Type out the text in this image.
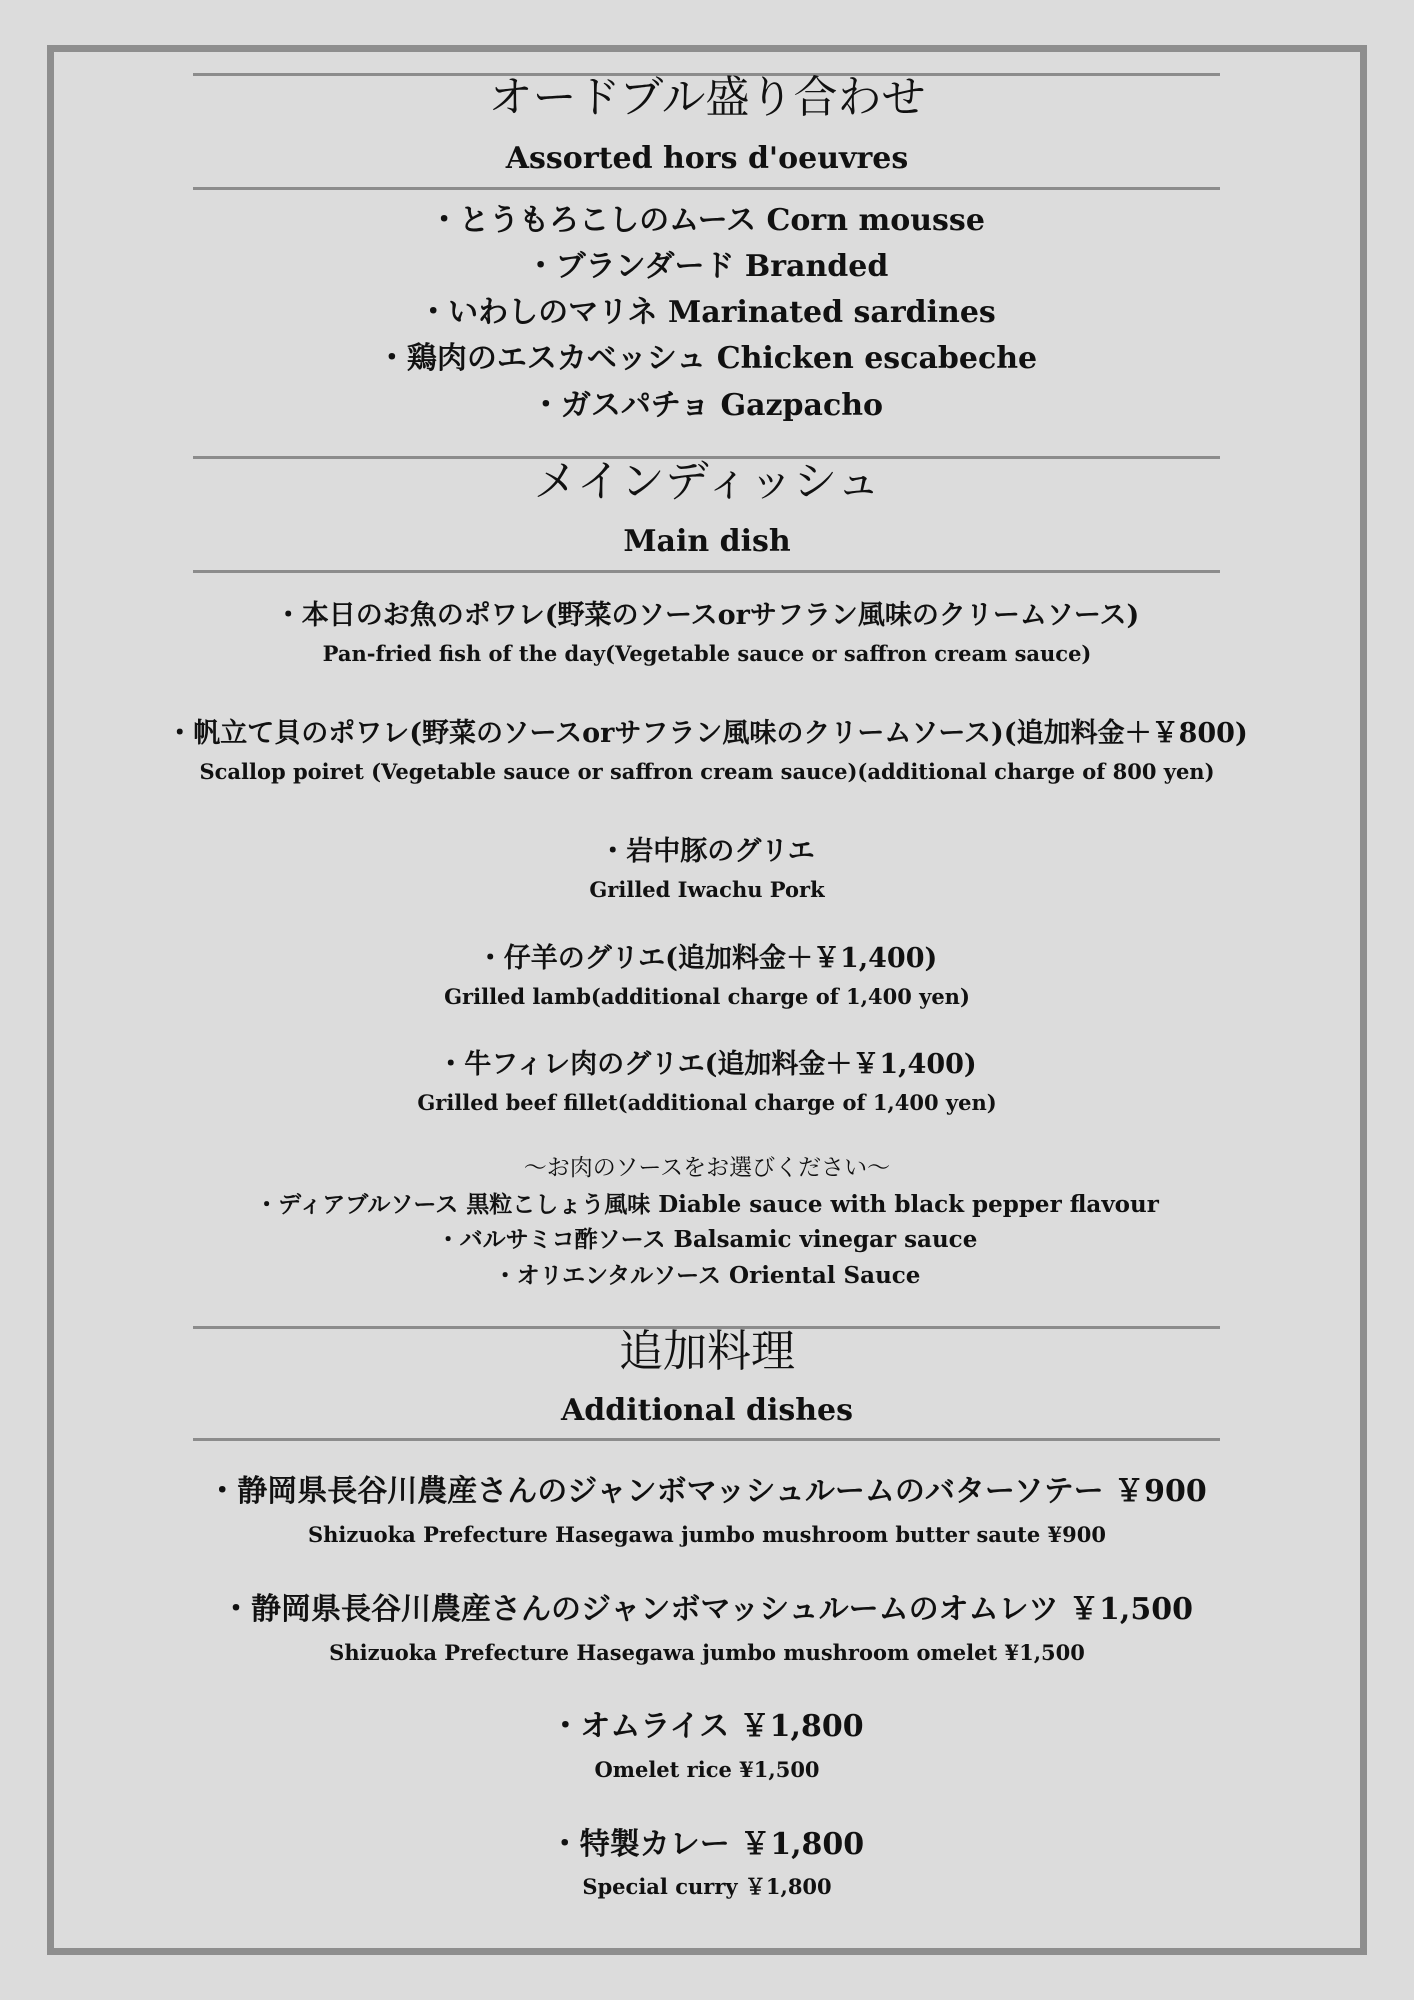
オードブル盛り合わせ
Assorted hors d'oeuvres
・とうもろこしのムース Corn mousse
・ブランダード Branded
・いわしのマリネ Marinated sardines
・鶏肉のエスカベッシュ Chicken escabeche
・ガスパチョ Gazpacho
メインディッシュ
Main dish
・本日のお魚のポワレ(野菜のソースorサフラン風味のクリームソース)
Pan-fried fish of the day(Vegetable sauce or saffron cream sauce)
・帆立て貝のポワレ(野菜のソースorサフラン風味のクリームソース)(追加料金＋￥800)
Scallop poiret (Vegetable sauce or saffron cream sauce)(additional charge of 800 yen)
・岩中豚のグリエ
Grilled Iwachu Pork
・仔羊のグリエ(追加料金＋￥1,400)
Grilled lamb(additional charge of 1,400 yen)
・牛フィレ肉のグリエ(追加料金＋￥1,400)
Grilled beef fillet(additional charge of 1,400 yen)
～お肉のソースをお選びください～
・ディアブルソース 黒粒こしょう風味 Diable sauce with black pepper flavour
・バルサミコ酢ソース Balsamic vinegar sauce
・オリエンタルソース Oriental Sauce
追加料理
Additional dishes
・静岡県長谷川農産さんのジャンボマッシュルームのバターソテー ￥900
Shizuoka Prefecture Hasegawa jumbo mushroom butter saute ¥900
・静岡県長谷川農産さんのジャンボマッシュルームのオムレツ ￥1,500
Shizuoka Prefecture Hasegawa jumbo mushroom omelet ¥1,500
・オムライス ￥1,800
Omelet rice ¥1,500
・特製カレー ￥1,800
Special curry ￥1,800
